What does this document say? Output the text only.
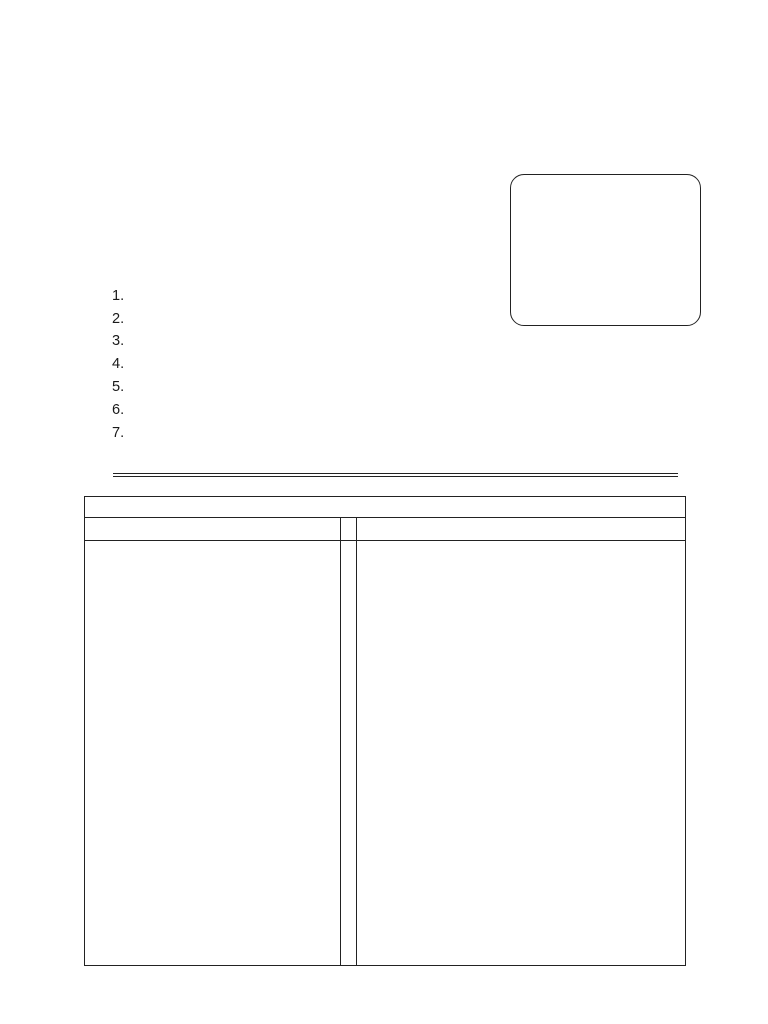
1.
2.
3.
4.
5.
6.
7.
